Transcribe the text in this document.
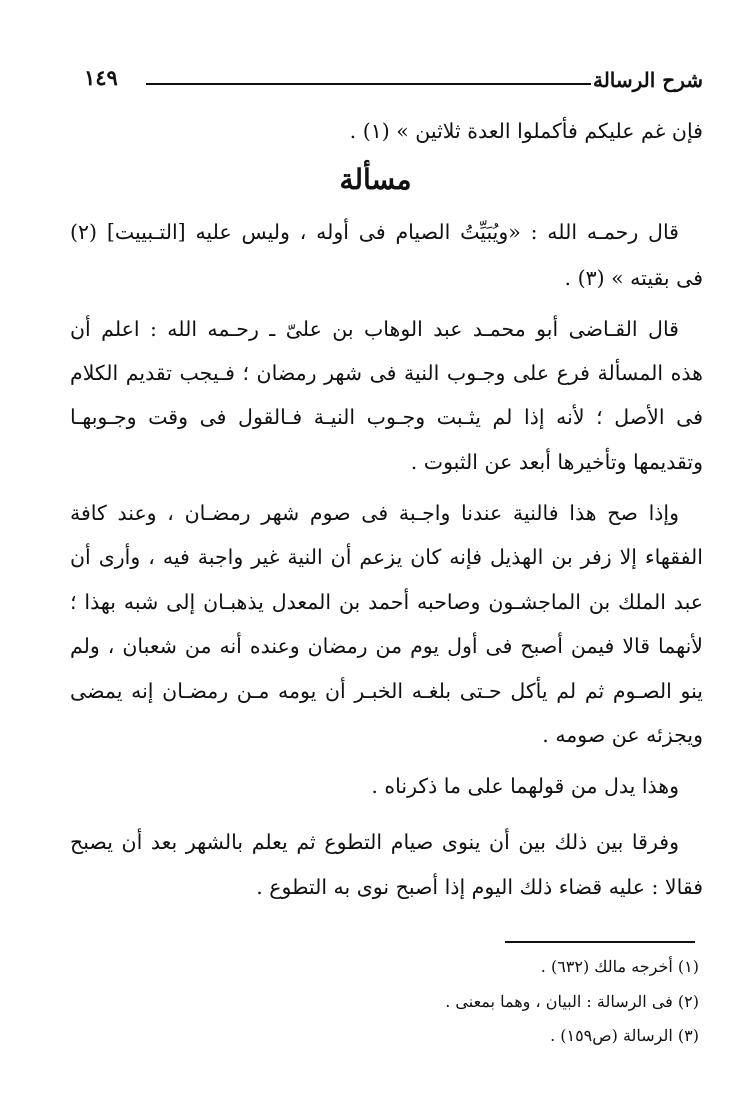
شرح الرسالة
١٤٩
فإن غم عليكم فأكملوا العدة ثلاثين » (١) .
مسألة
قال رحمـه الله : «ويُبَيِّتُ الصيام فى أوله ، وليس عليه [التـبييت] (٢)
فى بقيته » (٣) .
قال القـاضى أبو محمـد عبد الوهاب بن علىّ ـ رحـمه الله : اعلم أن
هذه المسألة فرع على وجـوب النية فى شهر رمضان ؛ فـيجب تقديم الكلام
فى الأصل ؛ لأنه إذا لم يثـبت وجـوب النيـة فـالقول فى وقت وجـوبهـا
وتقديمها وتأخيرها أبعد عن الثبوت .
وإذا صح هذا فالنية عندنا واجـبة فى صوم شهر رمضـان ، وعند كافة
الفقهاء إلا زفر بن الهذيل فإنه كان يزعم أن النية غير واجبة فيه ، وأرى أن
عبد الملك بن الماجشـون وصاحبه أحمد بن المعدل يذهبـان إلى شبه بهذا ؛
لأنهما قالا فيمن أصبح فى أول يوم من رمضان وعنده أنه من شعبان ، ولم
ينو الصـوم ثم لم يأكل حـتى بلغـه الخبـر أن يومه مـن رمضـان إنه يمضى
ويجزئه عن صومه .
وهذا يدل من قولهما على ما ذكرناه .
وفرقا بين ذلك بين أن ينوى صيام التطوع ثم يعلم بالشهر بعد أن يصبح
فقالا : عليه قضاء ذلك اليوم إذا أصبح نوى به التطوع .
(١) أخرجه مالك (٦٣٢) .
(٢) فى الرسالة : البيان ، وهما بمعنى .
(٣) الرسالة (ص١٥٩) .
